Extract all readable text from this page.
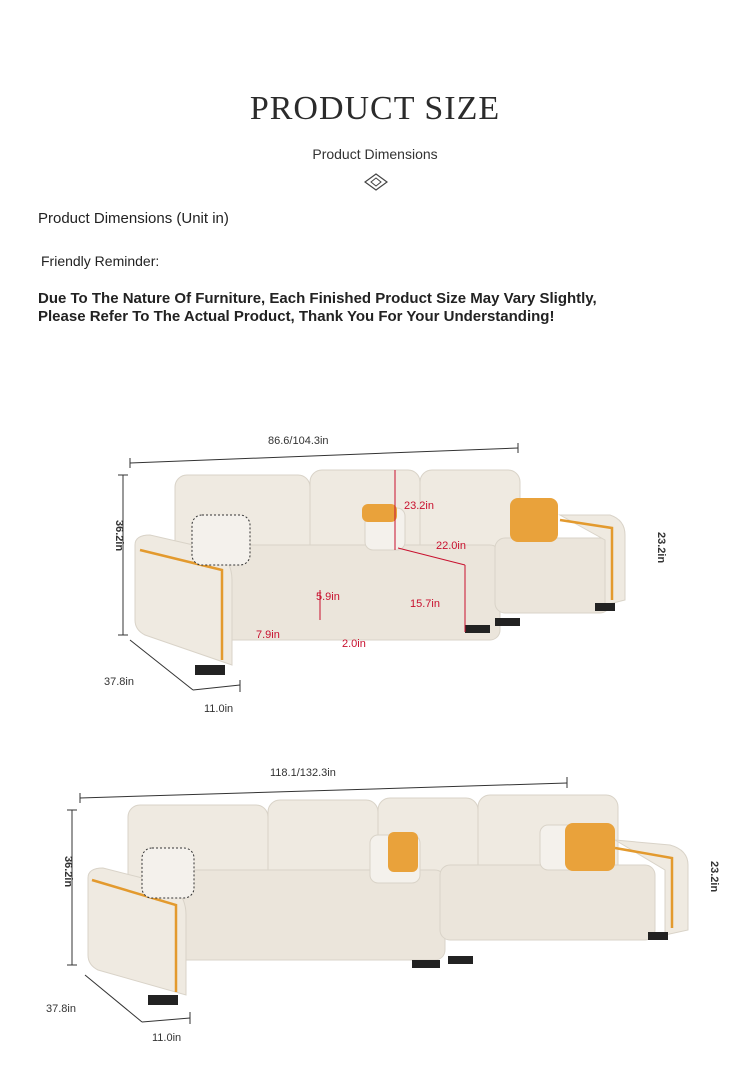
PRODUCT SIZE
Product Dimensions
Product Dimensions (Unit in)
Friendly Reminder:
Due To The Nature Of Furniture, Each Finished Product Size May Vary Slightly,
Please Refer To The Actual Product, Thank You For Your Understanding!
86.6/104.3in
36.2in	23.2in
37.8in
11.0in
23.2in
22.0in
5.9in
15.7in
7.9in
2.0in
118.1/132.3in
36.2in	23.2in
37.8in
11.0in
